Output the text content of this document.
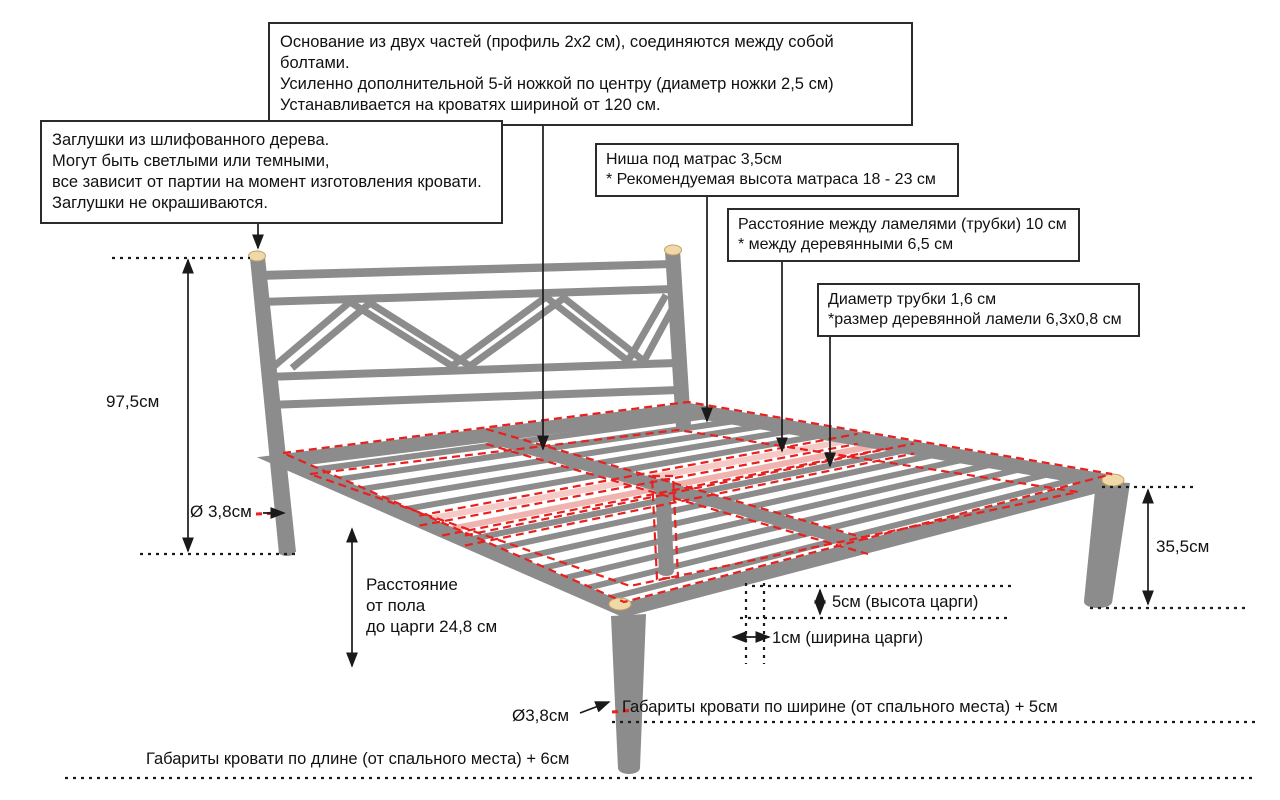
Основание из двух частей (профиль 2x2 см), соединяются между собой болтами.
Усиленно дополнительной 5-й ножкой по центру (диаметр ножки 2,5 см)
Устанавливается на кроватях шириной от 120 см.
Заглушки из шлифованного дерева.
Могут быть светлыми или темными,
все зависит от партии на момент изготовления кровати.
Заглушки не окрашиваются.
Ниша под матрас 3,5см
* Рекомендуемая высота матраса 18 - 23 см
Расстояние между ламелями (трубки) 10 см
* между деревянными 6,5 см
Диаметр трубки 1,6 см
*размер деревянной ламели 6,3x0,8 см
97,5см
Ø 3,8см
Расстояние
от пола
до царги 24,8 см
35,5см
5см (высота царги)
1см (ширина царги)
Ø3,8см	Габариты кровати по ширине (от спального места) + 5см
Габариты кровати по длине (от спального места) + 6см
